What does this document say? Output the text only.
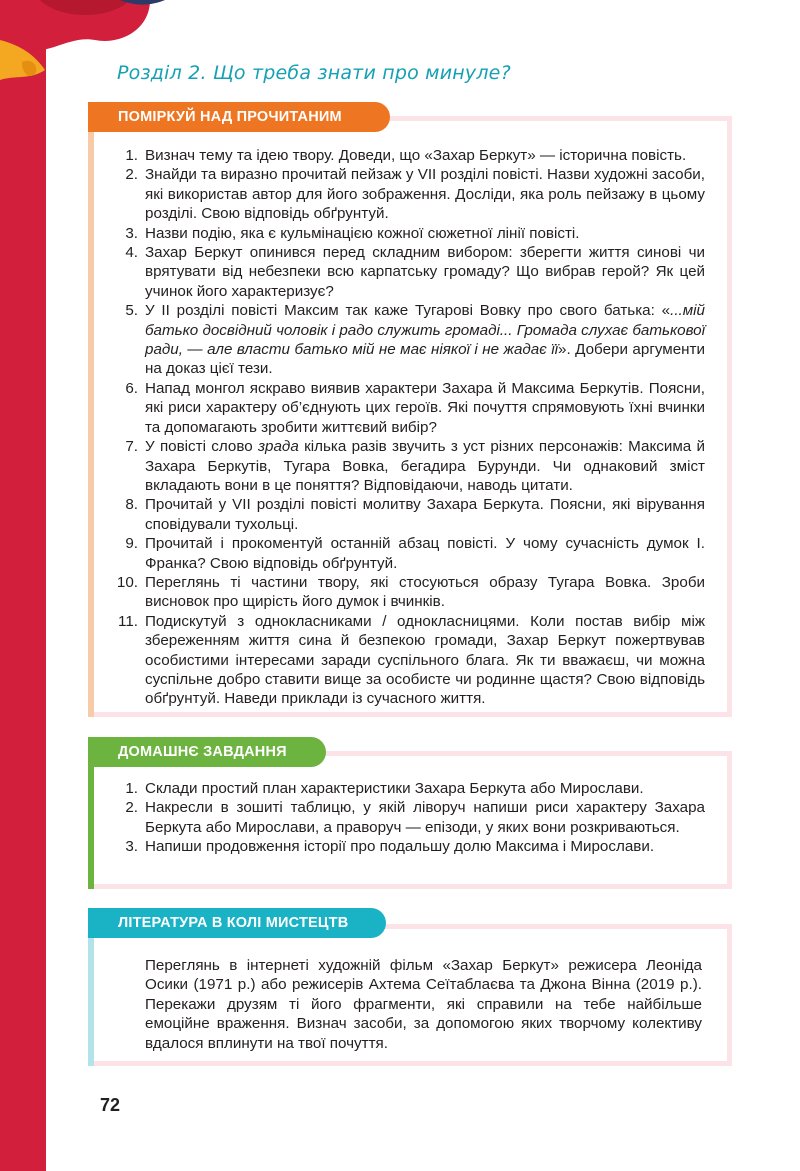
Розділ 2. Що треба знати про минуле?
ПОМІРКУЙ НАД ПРОЧИТАНИМ
1. Визнач тему та ідею твору. Доведи, що «Захар Беркут» — історична повість.
2. Знайди та виразно прочитай пейзаж у VII розділі повісті. Назви художні засоби, які використав автор для його зображення. Досліди, яка роль пейзажу в цьому розділі. Свою відповідь обґрунтуй.
3. Назви подію, яка є кульмінацією кожної сюжетної лінії повісті.
4. Захар Беркут опинився перед складним вибором: зберегти життя синові чи врятувати від небезпеки всю карпатську громаду? Що вибрав герой? Як цей учинок його характеризує?
5. У II розділі повісті Максим так каже Тугарові Вовку про свого батька: «...мій батько досвідний чоловік і радо служить громаді... Громада слухає батькової ради, — але власти батько мій не має ніякої і не жадає її». Добери аргументи на доказ цієї тези.
6. Напад монгол яскраво виявив характери Захара й Максима Беркутів. Поясни, які риси характеру об’єднують цих героїв. Які почуття спрямовують їхні вчинки та допомагають зробити життєвий вибір?
7. У повісті слово зрада кілька разів звучить з уст різних персонажів: Максима й Захара Беркутів, Тугара Вовка, бегадира Бурунди. Чи однаковий зміст вкладають вони в це поняття? Відповідаючи, наводь цитати.
8. Прочитай у VII розділі повісті молитву Захара Беркута. Поясни, які вірування сповідували тухольці.
9. Прочитай і прокоментуй останній абзац повісті. У чому сучасність думок І. Франка? Свою відповідь обґрунтуй.
10. Переглянь ті частини твору, які стосуються образу Тугара Вовка. Зроби висновок про щирість його думок і вчинків.
11. Подискутуй з однокласниками / однокласницями. Коли постав вибір між збереженням життя сина й безпекою громади, Захар Беркут пожертвував особистими інтересами заради суспільного блага. Як ти вважаєш, чи можна суспільне добро ставити вище за особисте чи родинне щастя? Свою відповідь обґрунтуй. Наведи приклади із сучасного життя.
ДОМАШНЄ ЗАВДАННЯ
1. Склади простий план характеристики Захара Беркута або Мирослави.
2. Накресли в зошиті таблицю, у якій ліворуч напиши риси характеру Захара Беркута або Мирослави, а праворуч — епізоди, у яких вони розкриваються.
3. Напиши продовження історії про подальшу долю Максима і Мирослави.
ЛІТЕРАТУРА В КОЛІ МИСТЕЦТВ

Переглянь в інтернеті художній фільм «Захар Беркут» режисера Леоніда Осики (1971 р.) або режисерів Ахтема Сеїтаблаєва та Джона Вінна (2019 р.). Перекажи друзям ті його фрагменти, які справили на тебе найбільше емоційне враження. Визнач засоби, за допомогою яких творчому колективу вдалося вплинути на твої почуття.

72
